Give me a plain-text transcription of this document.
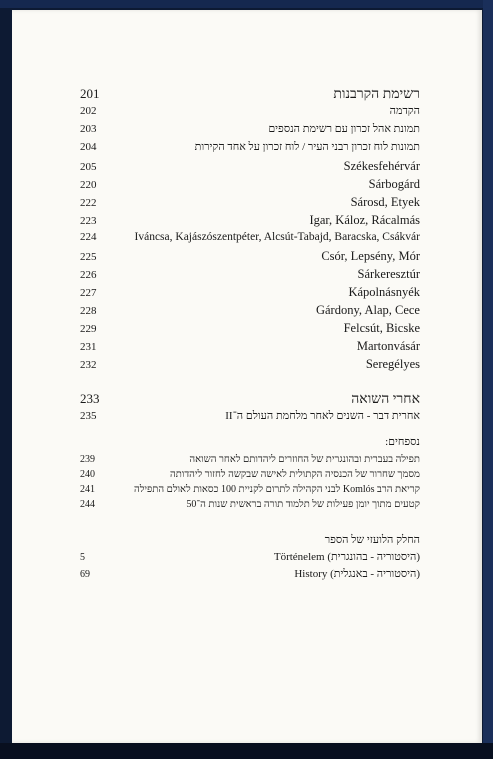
201	רשימת הקרבנות
202	הקדמה
203	תמונת אהל זכרון עם רשימת הנספים
204	תמונות לוח זכרון רבני העיר / לוח זכרון על אחד הקירות
205	Székesfehérvár
220	Sárbogárd
222	Sárosd, Etyek
223	Igar, Káloz, Rácalmás
224	Iváncsa, Kajászószentpéter, Alcsút-Tabajd, Baracska, Csákvár
225	Csór, Lepsény, Mór
226	Sárkeresztúr
227	Kápolnásnyék
228	Gárdony, Alap, Cece
229	Felcsút, Bicske
231	Martonvásár
232	Seregélyes
233	אחרי השואה
235	אחרית דבר - השנים לאחר מלחמת העולם ה־II
נספחים:
239	תפילה בעברית ובהונגרית של החוזרים ליהדותם לאחר השואה
240	מסמך שחרור של הכנסיה הקתולית לאישה שבקשה לחזור ליהדותה
241	קריאת הרב Komlós לבני הקהילה לתרום לקניית 100 כסאות לאולם התפילה
244	קטעים מתוך יומן פעילות של תלמוד תורה בראשית שנות ה־50
החלק הלועזי של הספר
5	(היסטוריה - בהונגרית) Történelem
69	(היסטוריה - באנגלית) History
